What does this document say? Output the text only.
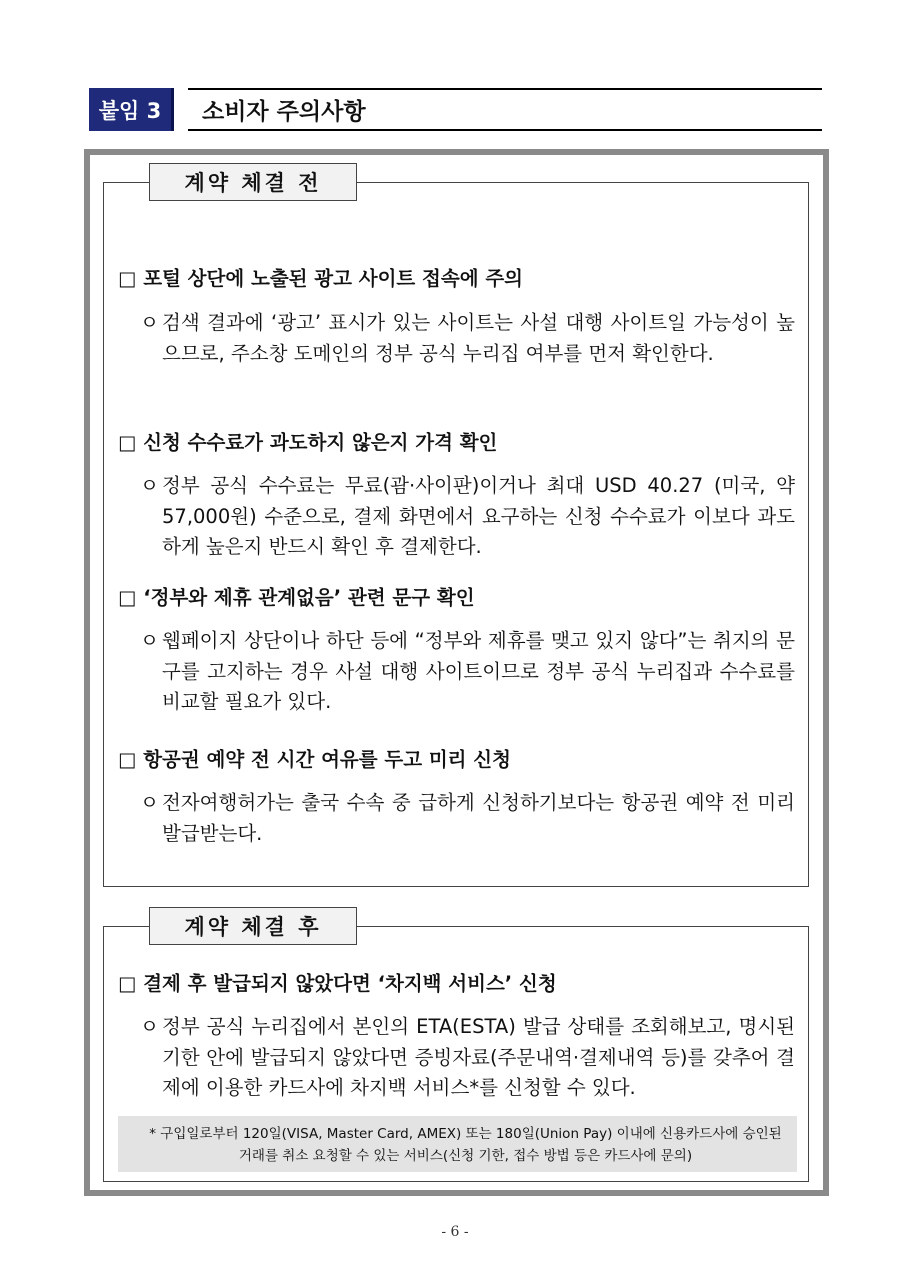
붙임 3	소비자 주의사항
계약 체결 전
□ 포털 상단에 노출된 광고 사이트 접속에 주의
ㅇ 검색 결과에 ‘광고’ 표시가 있는 사이트는 사설 대행 사이트일 가능성이 높으므로, 주소창 도메인의 정부 공식 누리집 여부를 먼저 확인한다.
□ 신청 수수료가 과도하지 않은지 가격 확인
ㅇ 정부 공식 수수료는 무료(괌·사이판)이거나 최대 USD 40.27 (미국, 약 57,000원) 수준으로, 결제 화면에서 요구하는 신청 수수료가 이보다 과도하게 높은지 반드시 확인 후 결제한다.
□ ‘정부와 제휴 관계없음’ 관련 문구 확인
ㅇ 웹페이지 상단이나 하단 등에 “정부와 제휴를 맺고 있지 않다”는 취지의 문구를 고지하는 경우 사설 대행 사이트이므로 정부 공식 누리집과 수수료를 비교할 필요가 있다.
□ 항공권 예약 전 시간 여유를 두고 미리 신청
ㅇ 전자여행허가는 출국 수속 중 급하게 신청하기보다는 항공권 예약 전 미리 발급받는다.
계약 체결 후
□ 결제 후 발급되지 않았다면 ‘차지백 서비스’ 신청
ㅇ 정부 공식 누리집에서 본인의 ETA(ESTA) 발급 상태를 조회해보고, 명시된 기한 안에 발급되지 않았다면 증빙자료(주문내역·결제내역 등)를 갖추어 결제에 이용한 카드사에 차지백 서비스*를 신청할 수 있다.
* 구입일로부터 120일(VISA, Master Card, AMEX) 또는 180일(Union Pay) 이내에 신용카드사에 승인된 거래를 취소 요청할 수 있는 서비스(신청 기한, 접수 방법 등은 카드사에 문의)
- 6 -
